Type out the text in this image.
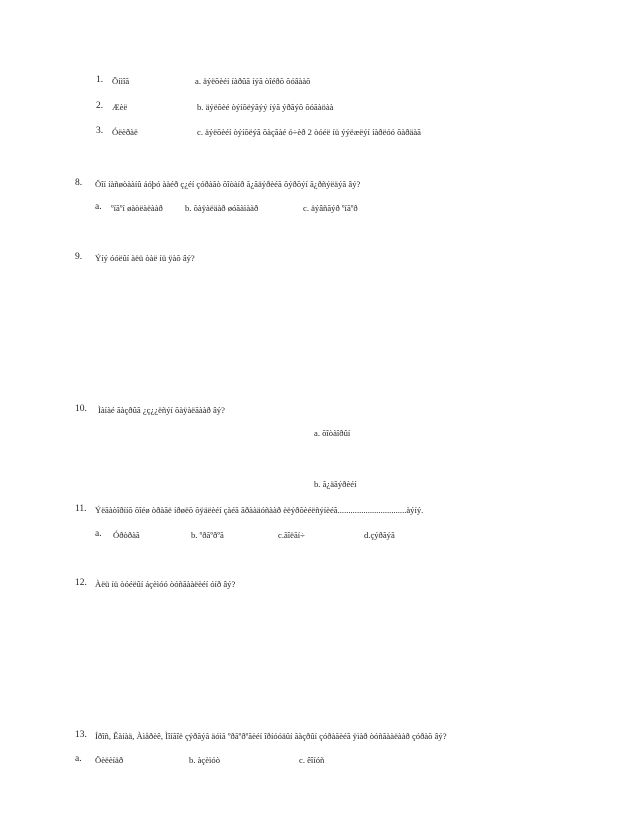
1. Õíìîã	a. äýëõèéí íàðûã íýã òîéðõ õóâààõ
2. Æèë	b. äýëõèé òýíõëýãýý íýã ýðãýõ õóãàöàà
3. Óëèðàë	c. äýëõèéí òýíõëýã õàçãàé ó÷èð 2 òóéë íü ýýëæëýí íàðëóó õàðäàã
8. Öîí íàñøòààíû áóþó ààéð ç¿éí çóðàãò õîòàíð ã¿ãäýðèéã õýðõýí ã¿ðñýëäýã âý?
a. ºíãºí øàòëàëààð	b. õàÿàëäàð øóãàìààð	c. äýâñãýð ºíãºð
9. Ýíý óóëûí àëü òàë íü ÿàõ âý?
10. Ìàíàé ãàçðûã ¿ç¿¿ëñýí õàÿàëãààð âý?
a. õîòàîðûí
b. ã¿äãýðèéí
11. Ýëãàòîðííõ õîéø òðàãë íðøëõ õÿäëèéí çàéã ãðààäóñààð èëýðõèéëñýíèéã................................àýíý.
a. Óðòðàã	b. ºðãºðºã	c.ãîëãí÷	d.çýðãýã
12. Àëü íü òóéëûí áçèìóó òóñãààëèéí óíð âý?
13. Íðîñ, Êàíàä, Àìåðèê, Ìîíãîë çýðãýã äóìã ºðãºðºãèéí îðíóóäûí ãàçðûí çóðàãèéã ÿìàð òóñãààëààð çóðàõ âý?
a. Öèëèíäð	b. àçèìóò	c. êîíóñ
